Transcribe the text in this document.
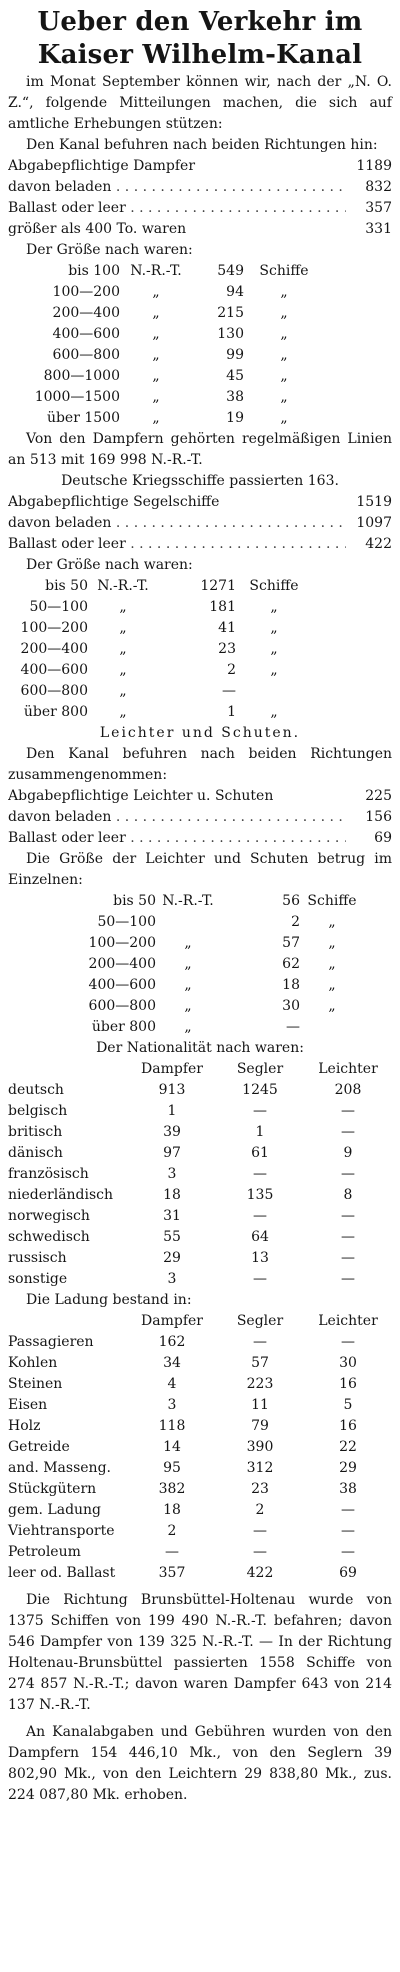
Ueber den Verkehr im
Kaiser Wilhelm-Kanal

im Monat September können wir, nach der „N. O. Z.“, folgende Mitteilungen machen, die sich auf amtliche Erhebungen stützen:

Den Kanal befuhren nach beiden Richtungen hin:

Abgabepflichtige Dampfer	1189
davon beladen . . .	832
Ballast oder leer . . .	357
größer als 400 To. waren	331

Der Größe nach waren:

bis 100 N.-R.-T.	549	Schiffe
100—200	„	94	„
200—400	„	215	„
400—600	„	130	„
600—800	„	99	„
800—1000	„	45	„
1000—1500	„	38	„
über 1500	„	19	„

Von den Dampfern gehörten regelmäßigen Linien an 513 mit 169 998 N.-R.-T.

Deutsche Kriegsschiffe passierten 163.

Abgabepflichtige Segelschiffe	1519
davon beladen . . .	1097
Ballast oder leer . . .	422

Der Größe nach waren:

bis 50 N.-R.-T.	1271 Schiffe
50—100	„	181	„
100—200	„	41	„
200—400	„	23	„
400—600	„	2	„
600—800	„	—
über 800	„	1	„

Leichter und Schuten.

Den Kanal befuhren nach beiden Richtungen zusammengenommen:

Abgabepflichtige Leichter u. Schuten	225
davon beladen . . .	156
Ballast oder leer . . .	69

Die Größe der Leichter und Schuten betrug im Einzelnen:

bis 50 N.-R.-T.	56 Schiffe
50—100	2	„
100—200	„	57	„
200—400	„	62	„
400—600	„	18	„
600—800	„	30	„
über 800	„	—

Der Nationalität nach waren:

Dampfer	Segler	Leichter
deutsch	913	1245	208
belgisch	1	—	—
britisch	39	1	—
dänisch	97	61	9
französisch	3	—	—
niederländisch	18	135	8
norwegisch	31	—	—
schwedisch	55	64	—
russisch	29	13	—
sonstige	3	—	—

Die Ladung bestand in:

Dampfer	Segler	Leichter
Passagieren	162	—	—
Kohlen	34	57	30
Steinen	4	223	16
Eisen	3	11	5
Holz	118	79	16
Getreide	14	390	22
and. Masseng.	95	312	29
Stückgütern	382	23	38
gem. Ladung	18	2	—
Viehtransporte	2	—	—
Petroleum	—	—	—
leer od. Ballast	357	422	69

Die Richtung Brunsbüttel-Holtenau wurde von 1375 Schiffen von 199 490 N.-R.-T. befahren; davon 546 Dampfer von 139 325 N.-R.-T. — In der Richtung Holtenau-Brunsbüttel passierten 1558 Schiffe von 274 857 N.-R.-T.; davon waren Dampfer 643 von 214 137 N.-R.-T.

An Kanalabgaben und Gebühren wurden von den Dampfern 154 446,10 Mk., von den Seglern 39 802,90 Mk., von den Leichtern 29 838,80 Mk., zus. 224 087,80 Mk. erhoben.
